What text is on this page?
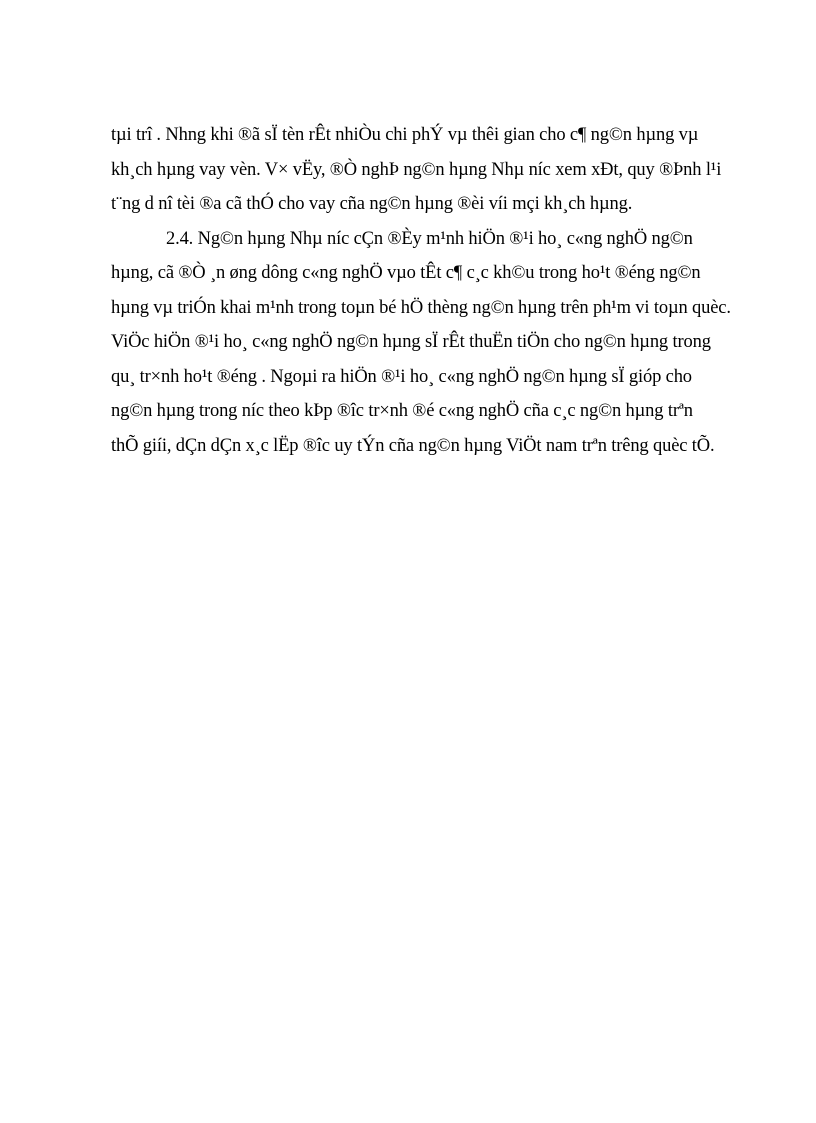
tµi trî . Nhng khi ®ã sÏ tèn rÊt nhiÒu chi phÝ vµ thêi gian cho c¶ ng©n hµng vµ
kh¸ch hµng vay vèn. V× vËy, ®Ò nghÞ ng©n hµng Nhµ níc xem xÐt, quy ®Þnh l¹i
t¨ng d nî tèi ®a cã thÓ cho vay cña ng©n hµng ®èi víi mçi kh¸ch hµng.
2.4. Ng©n hµng Nhµ níc cÇn ®Èy m¹nh hiÖn ®¹i ho¸ c«ng nghÖ ng©n
hµng, cã ®Ò ¸n øng dông c«ng nghÖ vµo tÊt c¶ c¸c kh©u trong ho¹t ®éng ng©n
hµng vµ triÓn khai m¹nh trong toµn bé hÖ thèng ng©n hµng trên ph¹m vi toµn quèc.
ViÖc hiÖn ®¹i ho¸ c«ng nghÖ ng©n hµng sÏ rÊt thuËn tiÖn cho ng©n hµng trong
qu¸ tr×nh ho¹t ®éng . Ngoµi ra hiÖn ®¹i ho¸ c«ng nghÖ ng©n hµng sÏ gióp cho
ng©n hµng trong níc theo kÞp ®îc tr×nh ®é c«ng nghÖ cña c¸c ng©n hµng trªn
thÕ giíi, dÇn dÇn x¸c lËp ®îc uy tÝn cña ng©n hµng ViÖt nam trªn trêng quèc tÕ.
